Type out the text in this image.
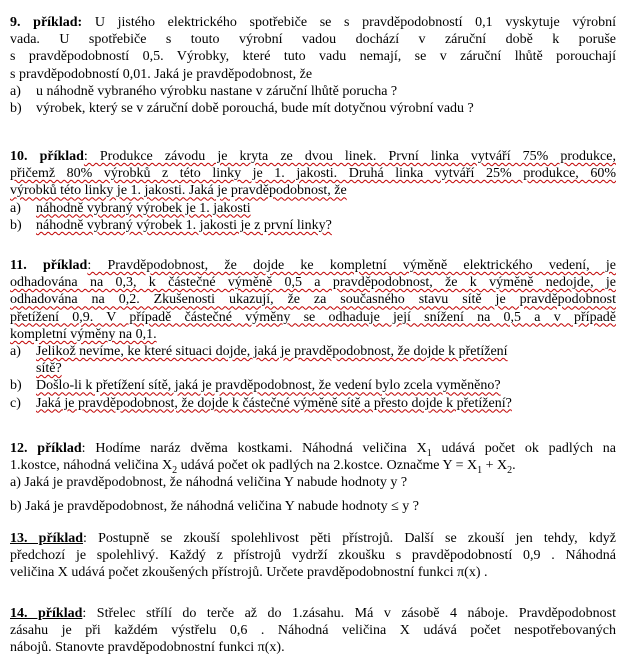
9. příklad: U jistého elektrického spotřebiče se s pravděpodobností 0,1 vyskytuje výrobní
vada. U spotřebiče s touto výrobní vadou dochází v záruční době k poruše
s pravděpodobností 0,5. Výrobky, které tuto vadu nemají, se v záruční lhůtě porouchají
s pravděpodobností 0,01. Jaká je pravděpodobnost, že
a)	u náhodně vybraného výrobku nastane v záruční lhůtě porucha ?
b)	výrobek, který se v záruční době porouchá, bude mít dotyčnou výrobní vadu ?
10. příklad: Produkce závodu je kryta ze dvou linek. První linka vytváří 75% produkce,
přičemž 80% výrobků z této linky je 1. jakosti. Druhá linka vytváří 25% produkce, 60%
výrobků této linky je 1. jakosti. Jaká je pravděpodobnost, že
a)	náhodně vybraný výrobek je 1. jakosti
b)	náhodně vybraný výrobek 1. jakosti je z první linky?
11. příklad: Pravděpodobnost, že dojde ke kompletní výměně elektrického vedení, je
odhadována na 0,3, k částečné výměně 0,5 a pravděpodobnost, že k výměně nedojde, je
odhadována na 0,2. Zkušenosti ukazují, že za současného stavu sítě je pravděpodobnost
přetížení 0,9. V případě částečné výměny se odhaduje její snížení na 0,5 a v případě
kompletní výměny na 0,1.
a)	Jelikož nevíme, ke které situaci dojde, jaká je pravděpodobnost, že dojde k přetížení
sítě?
b)	Došlo-li k přetížení sítě, jaká je pravděpodobnost, že vedení bylo zcela vyměněno?
c)	Jaká je pravděpodobnost, že dojde k částečné výměně sítě a přesto dojde k přetížení?
12. příklad: Hodíme naráz dvěma kostkami. Náhodná veličina $X_1$ udává počet ok padlých na
1.kostce, náhodná veličina $X_2$ udává počet ok padlých na 2.kostce. Označme $Y = X_1 + X_2$.
a) Jaká je pravděpodobnost, že náhodná veličina Y nabude hodnoty y ?
b) Jaká je pravděpodobnost, že náhodná veličina Y nabude hodnoty ≤ y ?
13. příklad: Postupně se zkouší spolehlivost pěti přístrojů. Další se zkouší jen tehdy, když
předchozí je spolehlivý. Každý z přístrojů vydrží zkoušku s pravděpodobností 0,9 . Náhodná
veličina X udává počet zkoušených přístrojů. Určete pravděpodobnostní funkci π(x) .
14. příklad: Střelec střílí do terče až do 1.zásahu. Má v zásobě 4 náboje. Pravděpodobnost
zásahu je při každém výstřelu 0,6 . Náhodná veličina X udává počet nespotřebovaných
nábojů. Stanovte pravděpodobnostní funkci π(x).
